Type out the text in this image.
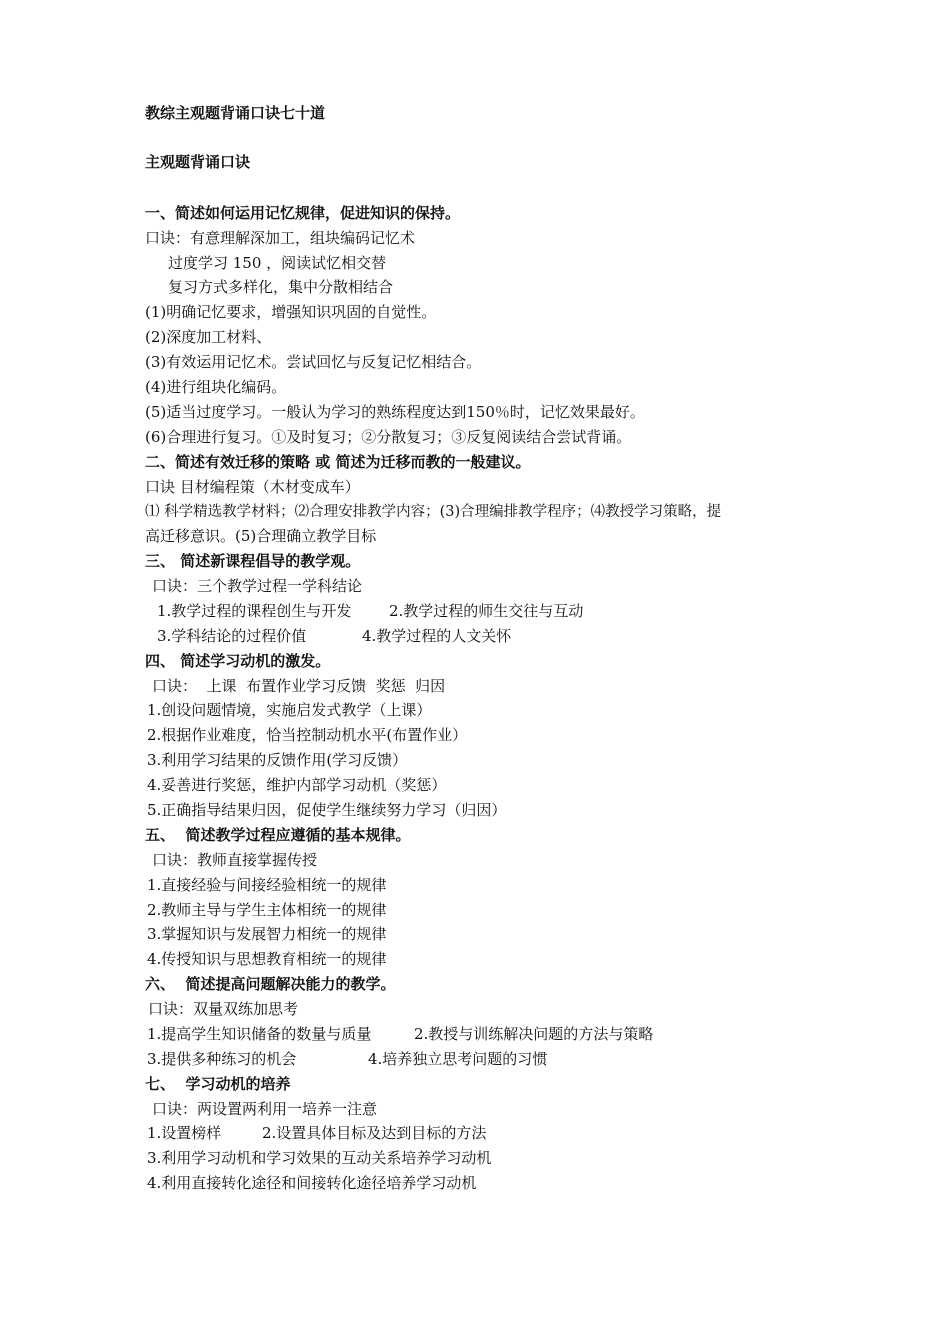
教综主观题背诵口诀七十道
主观题背诵口诀
一、简述如何运用记忆规律，促进知识的保持。
口诀：有意理解深加工，组块编码记忆术
过度学习 150 ，阅读试忆相交替
复习方式多样化，集中分散相结合
(1)明确记忆要求，增强知识巩固的自觉性。
(2)深度加工材料、
(3)有效运用记忆术。尝试回忆与反复记忆相结合。
(4)进行组块化编码。
(5)适当过度学习。一般认为学习的熟练程度达到150％时，记忆效果最好。
(6)合理进行复习。①及时复习；②分散复习；③反复阅读结合尝试背诵。
二、简述有效迁移的策略 或 简述为迁移而教的一般建议。
口诀 目材编程策（木材变成车）
⑴ 科学精选教学材料；⑵合理安排教学内容；(3)合理编排教学程序；⑷教授学习策略，提
高迁移意识。(5)合理确立教学目标
三、 简述新课程倡导的教学观。
口诀：三个教学过程一学科结论
1.教学过程的课程创生与开发	2.教学过程的师生交往与互动
3.学科结论的过程价值	4.教学过程的人文关怀
四、 简述学习动机的激发。
口诀：  上课  布置作业学习反馈  奖惩  归因
1.创设问题情境，实施启发式教学（上课）
2.根据作业难度，恰当控制动机水平(布置作业）
3.利用学习结果的反馈作用(学习反馈）
4.妥善进行奖惩，维护内部学习动机（奖惩）
5.正确指导结果归因，促使学生继续努力学习（归因）
五、  简述教学过程应遵循的基本规律。
口诀：教师直接掌握传授
1.直接经验与间接经验相统一的规律
2.教师主导与学生主体相统一的规律
3.掌握知识与发展智力相统一的规律
4.传授知识与思想教育相统一的规律
六、  简述提高问题解决能力的教学。
口诀：双量双练加思考
1.提高学生知识储备的数量与质量	2.教授与训练解决问题的方法与策略
3.提供多种练习的机会	4.培养独立思考问题的习惯
七、  学习动机的培养
口诀：两设置两利用一培养一注意
1.设置榜样	2.设置具体目标及达到目标的方法
3.利用学习动机和学习效果的互动关系培养学习动机
4.利用直接转化途径和间接转化途径培养学习动机
